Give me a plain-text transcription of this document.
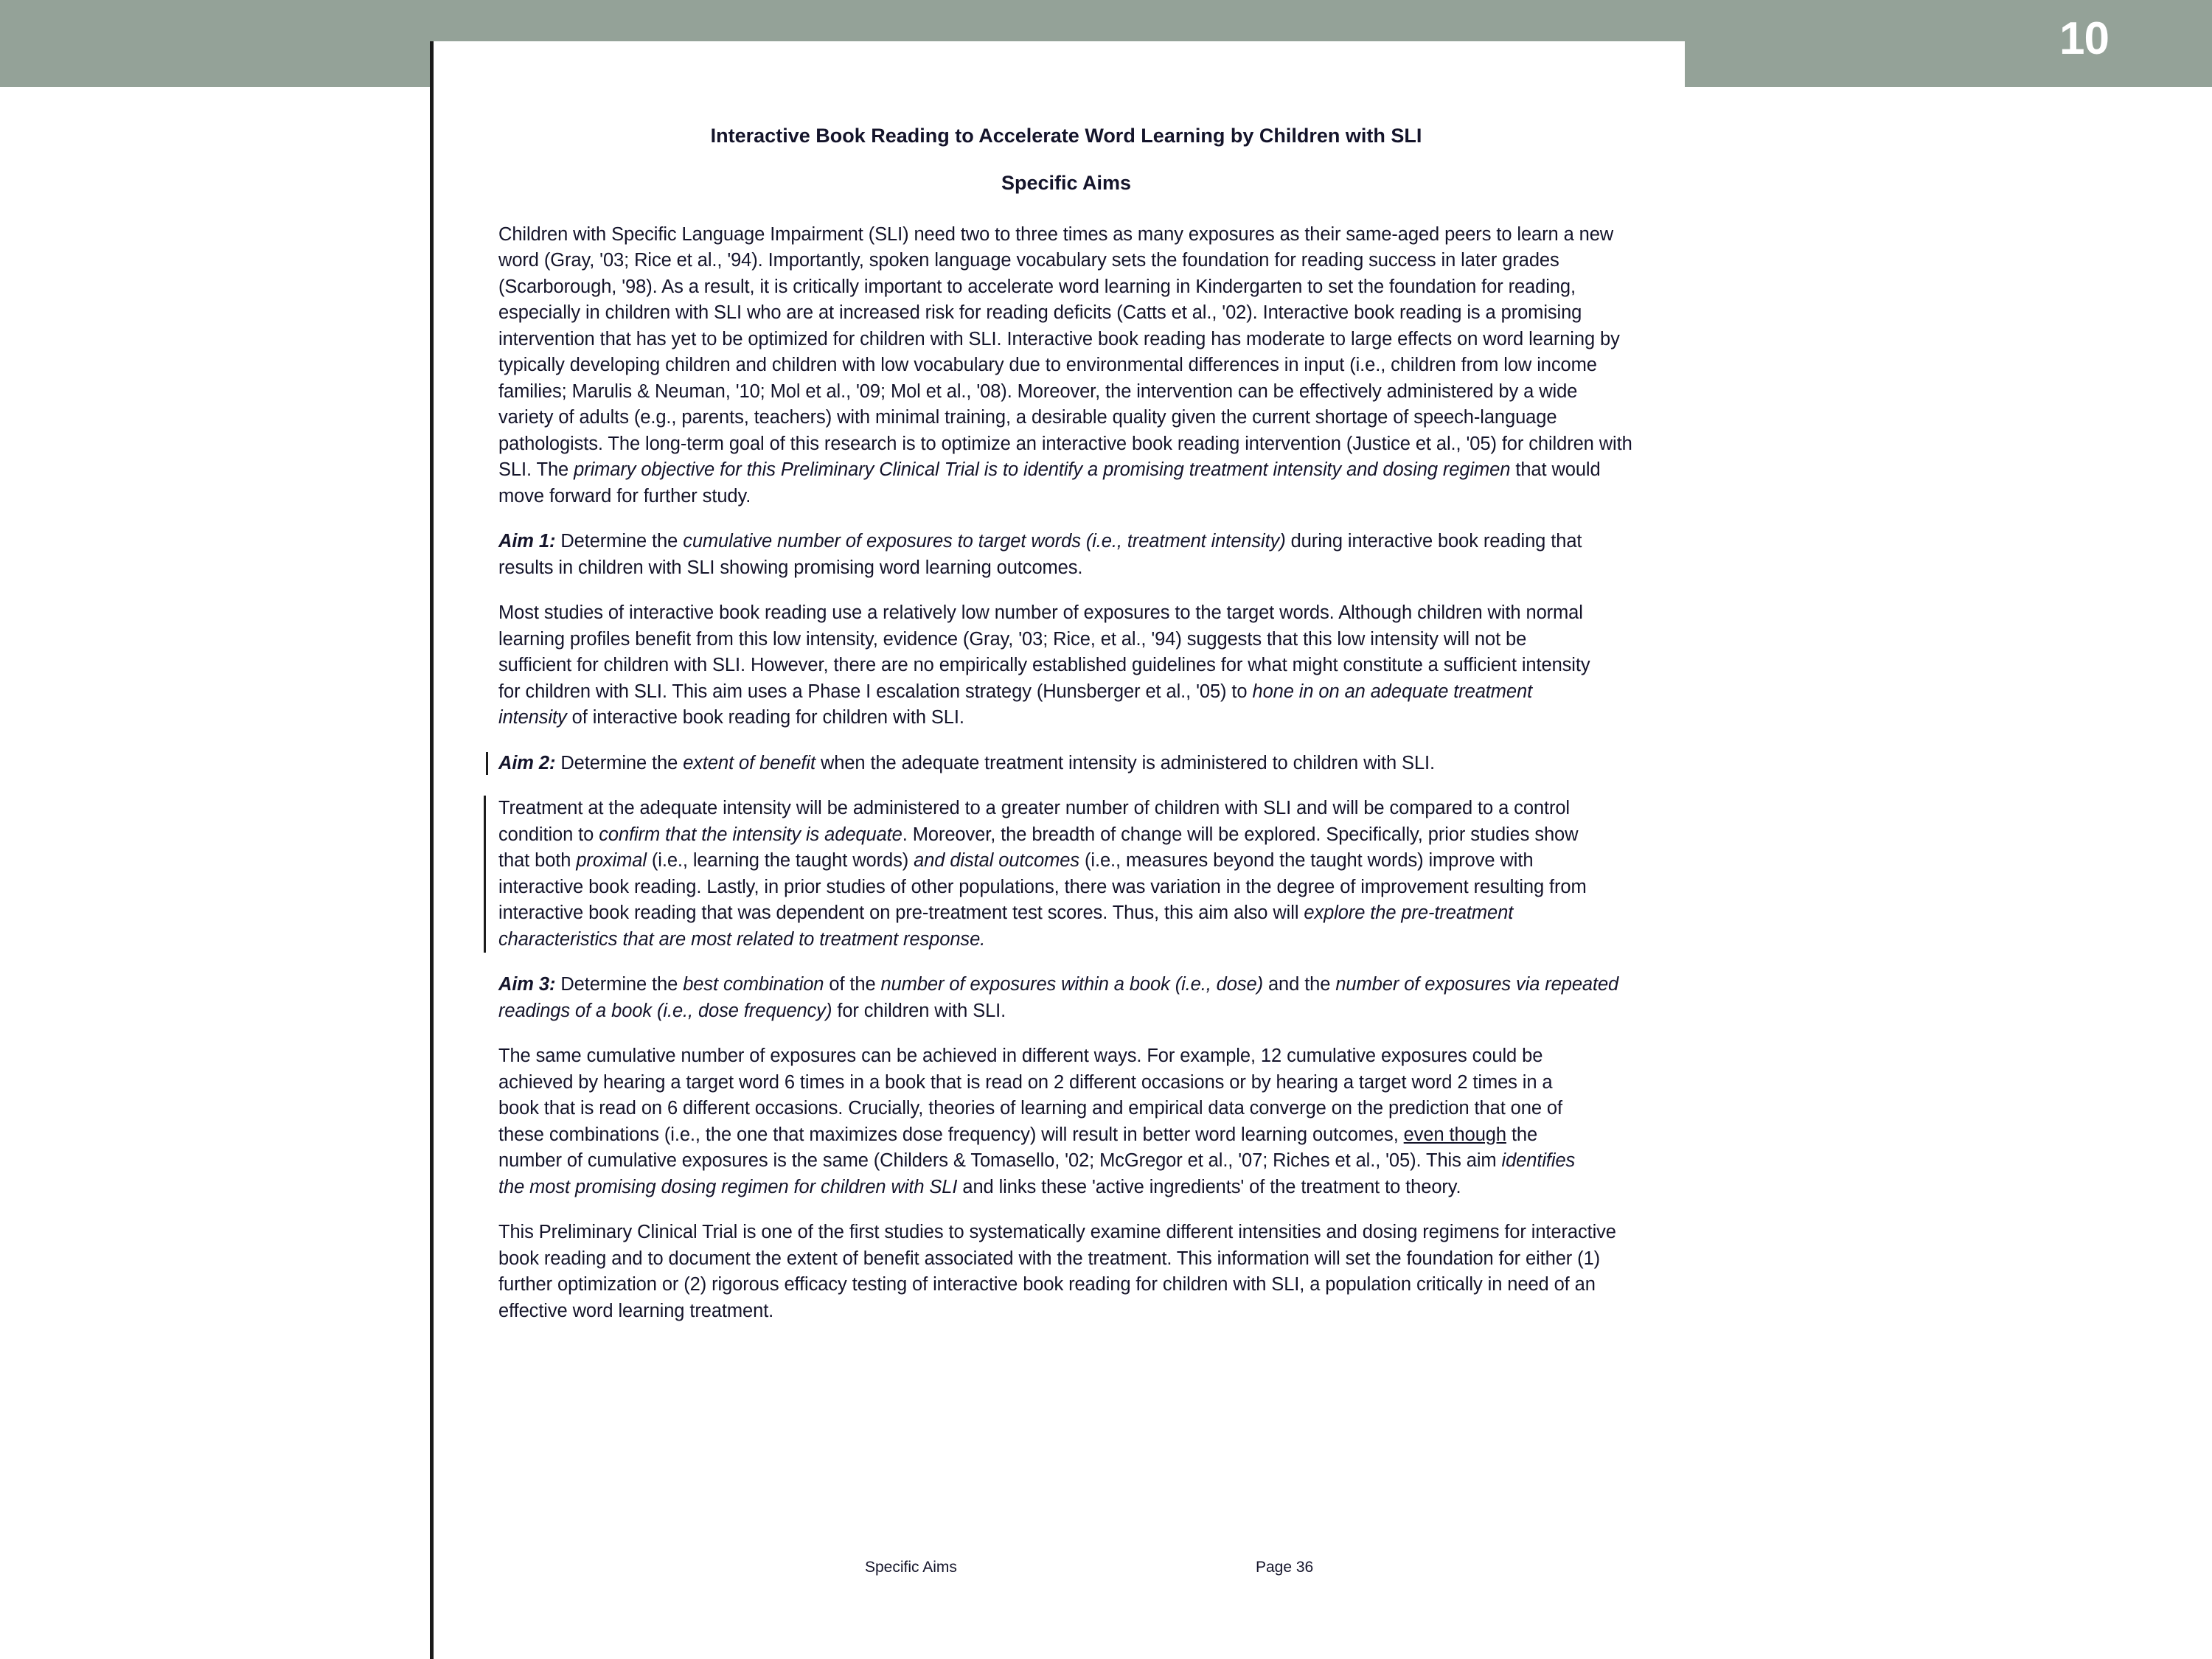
10
Interactive Book Reading to Accelerate Word Learning by Children with SLI
Specific Aims

Children with Specific Language Impairment (SLI) need two to three times as many exposures as their same-aged peers to learn a new word (Gray, '03; Rice et al., '94). Importantly, spoken language vocabulary sets the foundation for reading success in later grades (Scarborough, '98). As a result, it is critically important to accelerate word learning in Kindergarten to set the foundation for reading, especially in children with SLI who are at increased risk for reading deficits (Catts et al., '02). Interactive book reading is a promising intervention that has yet to be optimized for children with SLI. Interactive book reading has moderate to large effects on word learning by typically developing children and children with low vocabulary due to environmental differences in input (i.e., children from low income families; Marulis & Neuman, '10; Mol et al., '09; Mol et al., '08). Moreover, the intervention can be effectively administered by a wide variety of adults (e.g., parents, teachers) with minimal training, a desirable quality given the current shortage of speech-language pathologists. The long-term goal of this research is to optimize an interactive book reading intervention (Justice et al., '05) for children with SLI. The primary objective for this Preliminary Clinical Trial is to identify a promising treatment intensity and dosing regimen that would move forward for further study.

Aim 1: Determine the cumulative number of exposures to target words (i.e., treatment intensity) during interactive book reading that results in children with SLI showing promising word learning outcomes.

Most studies of interactive book reading use a relatively low number of exposures to the target words. Although children with normal learning profiles benefit from this low intensity, evidence (Gray, '03; Rice, et al., '94) suggests that this low intensity will not be sufficient for children with SLI. However, there are no empirically established guidelines for what might constitute a sufficient intensity for children with SLI. This aim uses a Phase I escalation strategy (Hunsberger et al., '05) to hone in on an adequate treatment intensity of interactive book reading for children with SLI.

Aim 2: Determine the extent of benefit when the adequate treatment intensity is administered to children with SLI.

Treatment at the adequate intensity will be administered to a greater number of children with SLI and will be compared to a control condition to confirm that the intensity is adequate. Moreover, the breadth of change will be explored. Specifically, prior studies show that both proximal (i.e., learning the taught words) and distal outcomes (i.e., measures beyond the taught words) improve with interactive book reading. Lastly, in prior studies of other populations, there was variation in the degree of improvement resulting from interactive book reading that was dependent on pre-treatment test scores. Thus, this aim also will explore the pre-treatment characteristics that are most related to treatment response.

Aim 3: Determine the best combination of the number of exposures within a book (i.e., dose) and the number of exposures via repeated readings of a book (i.e., dose frequency) for children with SLI.

The same cumulative number of exposures can be achieved in different ways. For example, 12 cumulative exposures could be achieved by hearing a target word 6 times in a book that is read on 2 different occasions or by hearing a target word 2 times in a book that is read on 6 different occasions. Crucially, theories of learning and empirical data converge on the prediction that one of these combinations (i.e., the one that maximizes dose frequency) will result in better word learning outcomes, even though the number of cumulative exposures is the same (Childers & Tomasello, '02; McGregor et al., '07; Riches et al., '05). This aim identifies the most promising dosing regimen for children with SLI and links these 'active ingredients' of the treatment to theory.

This Preliminary Clinical Trial is one of the first studies to systematically examine different intensities and dosing regimens for interactive book reading and to document the extent of benefit associated with the treatment. This information will set the foundation for either (1) further optimization or (2) rigorous efficacy testing of interactive book reading for children with SLI, a population critically in need of an effective word learning treatment.

Specific Aims	Page 36
